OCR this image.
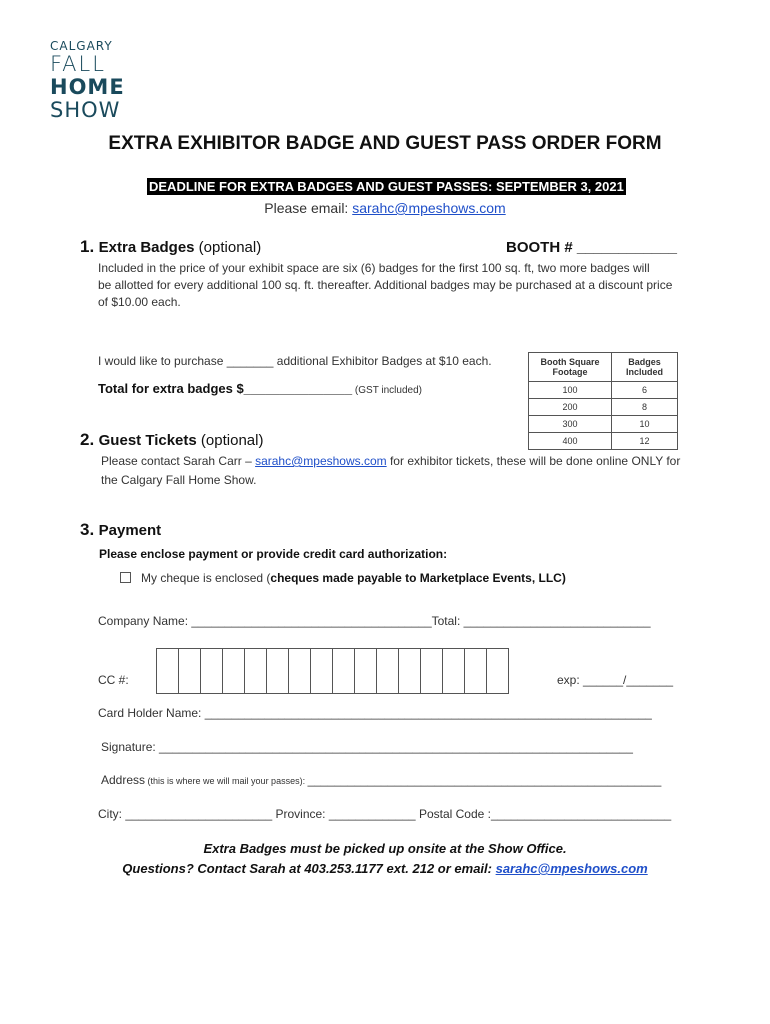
CALGARY
FALL
HOME
SHOW
EXTRA EXHIBITOR BADGE AND GUEST PASS ORDER FORM
DEADLINE FOR EXTRA BADGES AND GUEST PASSES: SEPTEMBER 3, 2021
Please email: sarahc@mpeshows.com
1. Extra Badges (optional)	BOOTH # ____________
Included in the price of your exhibit space are six (6) badges for the first 100 sq. ft, two more badges will
be allotted for every additional 100 sq. ft. thereafter. Additional badges may be purchased at a discount price
of $10.00 each.
I would like to purchase _______ additional Exhibitor Badges at $10 each.
Total for extra badges $_______________ (GST included)
Booth Square Footage	Badges Included
100	6
200	8
300	10
400	12
2. Guest Tickets (optional)
Please contact Sarah Carr – sarahc@mpeshows.com for exhibitor tickets, these will be done online ONLY for
the Calgary Fall Home Show.
3. Payment
Please enclose payment or provide credit card authorization:
My cheque is enclosed (cheques made payable to Marketplace Events, LLC)
Company Name: ____________________________________Total: ____________________________
CC #:	exp: ______/_______
Card Holder Name: ___________________________________________________________________
Signature: _______________________________________________________________________
Address (this is where we will mail your passes): _____________________________________________________
City: ______________________ Province: _____________ Postal Code :___________________________
Extra Badges must be picked up onsite at the Show Office.
Questions? Contact Sarah at 403.253.1177 ext. 212 or email: sarahc@mpeshows.com
